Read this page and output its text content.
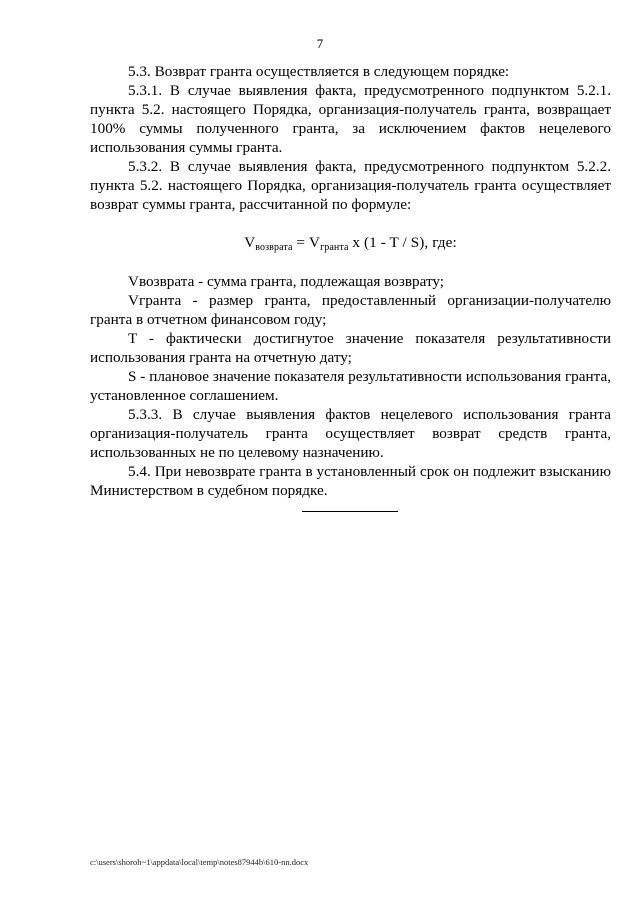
7

5.3. Возврат гранта осуществляется в следующем порядке:

5.3.1. В случае выявления факта, предусмотренного подпунктом 5.2.1. пункта 5.2. настоящего Порядка, организация-получатель гранта, возвращает 100% суммы полученного гранта, за исключением фактов нецелевого использования суммы гранта.

5.3.2. В случае выявления факта, предусмотренного подпунктом 5.2.2. пункта 5.2. настоящего Порядка, организация-получатель гранта осуществляет возврат суммы гранта, рассчитанной по формуле:

$V_{возврата} = V_{гранта}$ x (1 - T / S), где:

Vвозврата - сумма гранта, подлежащая возврату;

Vгранта - размер гранта, предоставленный организации-получателю гранта в отчетном финансовом году;

T - фактически достигнутое значение показателя результативности использования гранта на отчетную дату;

S - плановое значение показателя результативности использования гранта, установленное соглашением.

5.3.3. В случае выявления фактов нецелевого использования гранта организация-получатель гранта осуществляет возврат средств гранта, использованных не по целевому назначению.

5.4. При невозврате гранта в установленный срок он подлежит взысканию Министерством в судебном порядке.

c:\users\shoroh~1\appdata\local\temp\notes87944b\610-nn.docx
